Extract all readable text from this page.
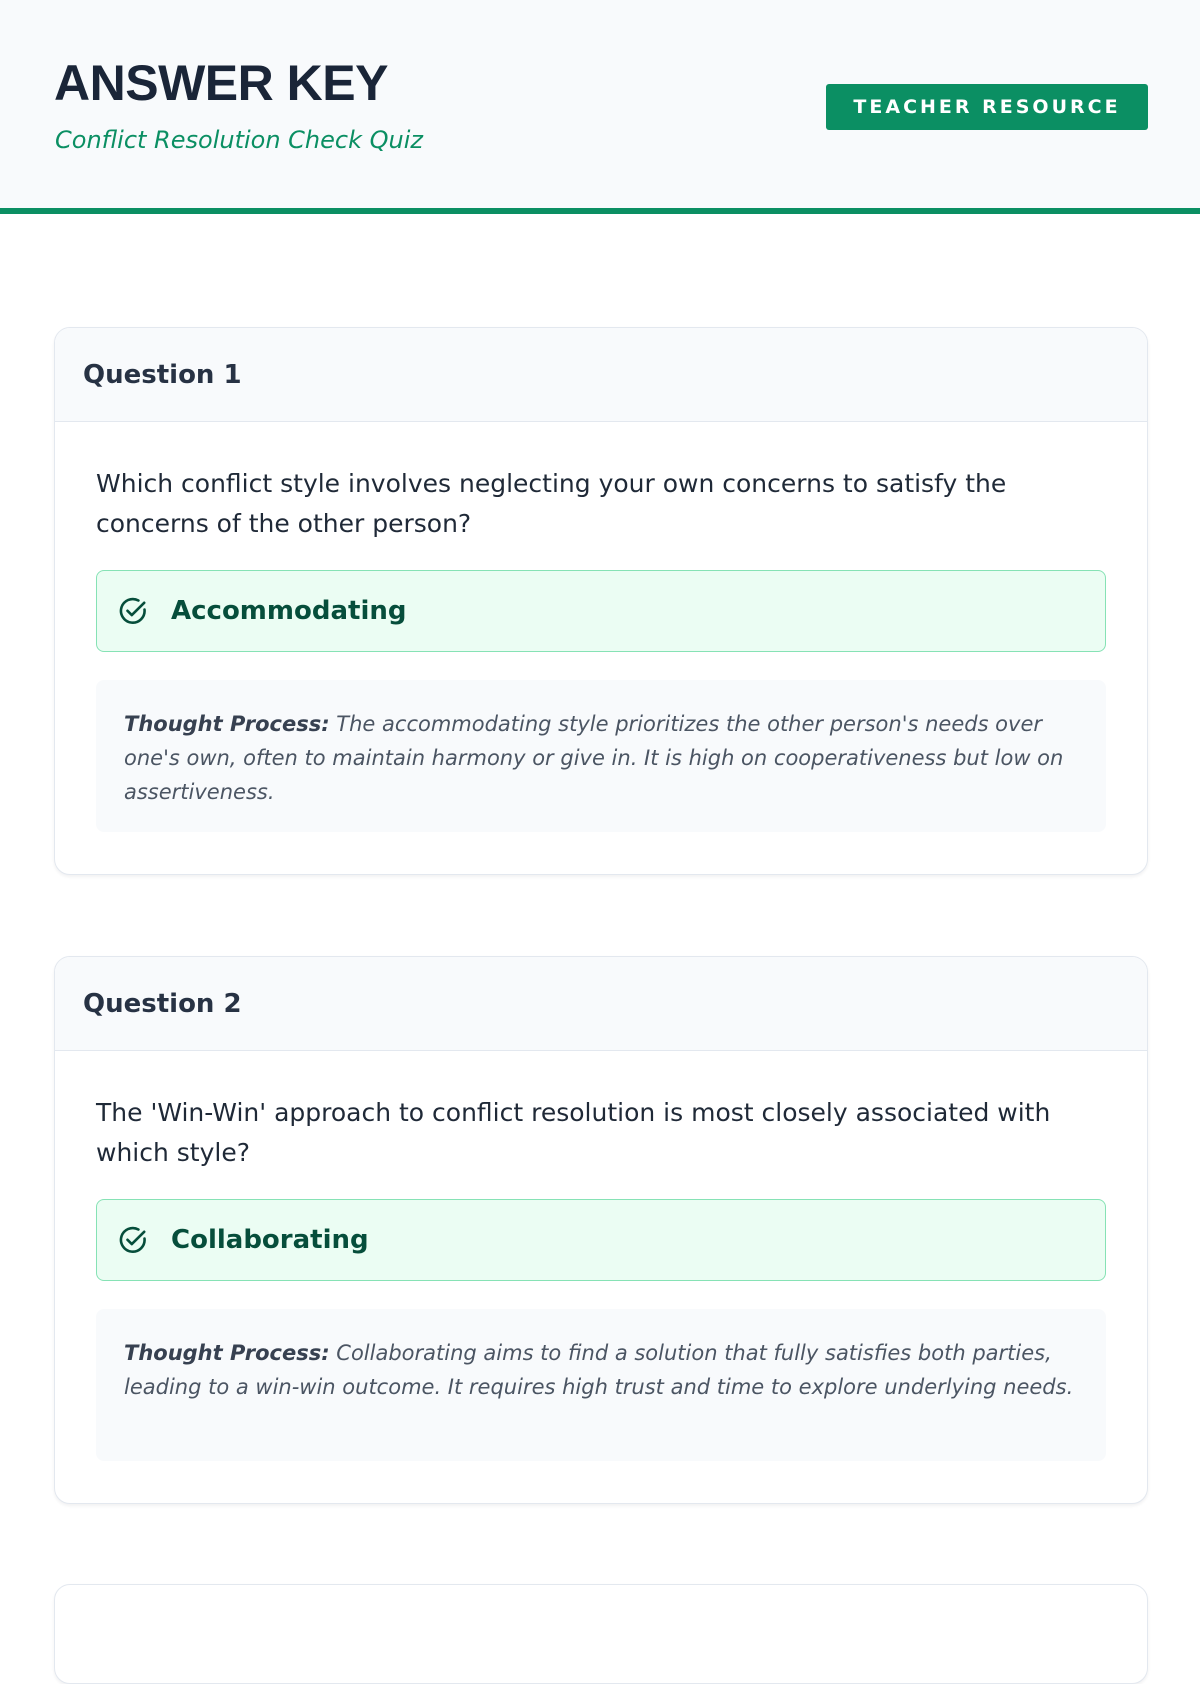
ANSWER KEY
Conflict Resolution Check Quiz
TEACHER RESOURCE
Question 1

Which conflict style involves neglecting your own concerns to satisfy the concerns of the other person?

Accommodating

Thought Process: The accommodating style prioritizes the other person's needs over one's own, often to maintain harmony or give in. It is high on cooperativeness but low on assertiveness.

Question 2

The 'Win-Win' approach to conflict resolution is most closely associated with which style?

Collaborating

Thought Process: Collaborating aims to find a solution that fully satisfies both parties, leading to a win-win outcome. It requires high trust and time to explore underlying needs.
